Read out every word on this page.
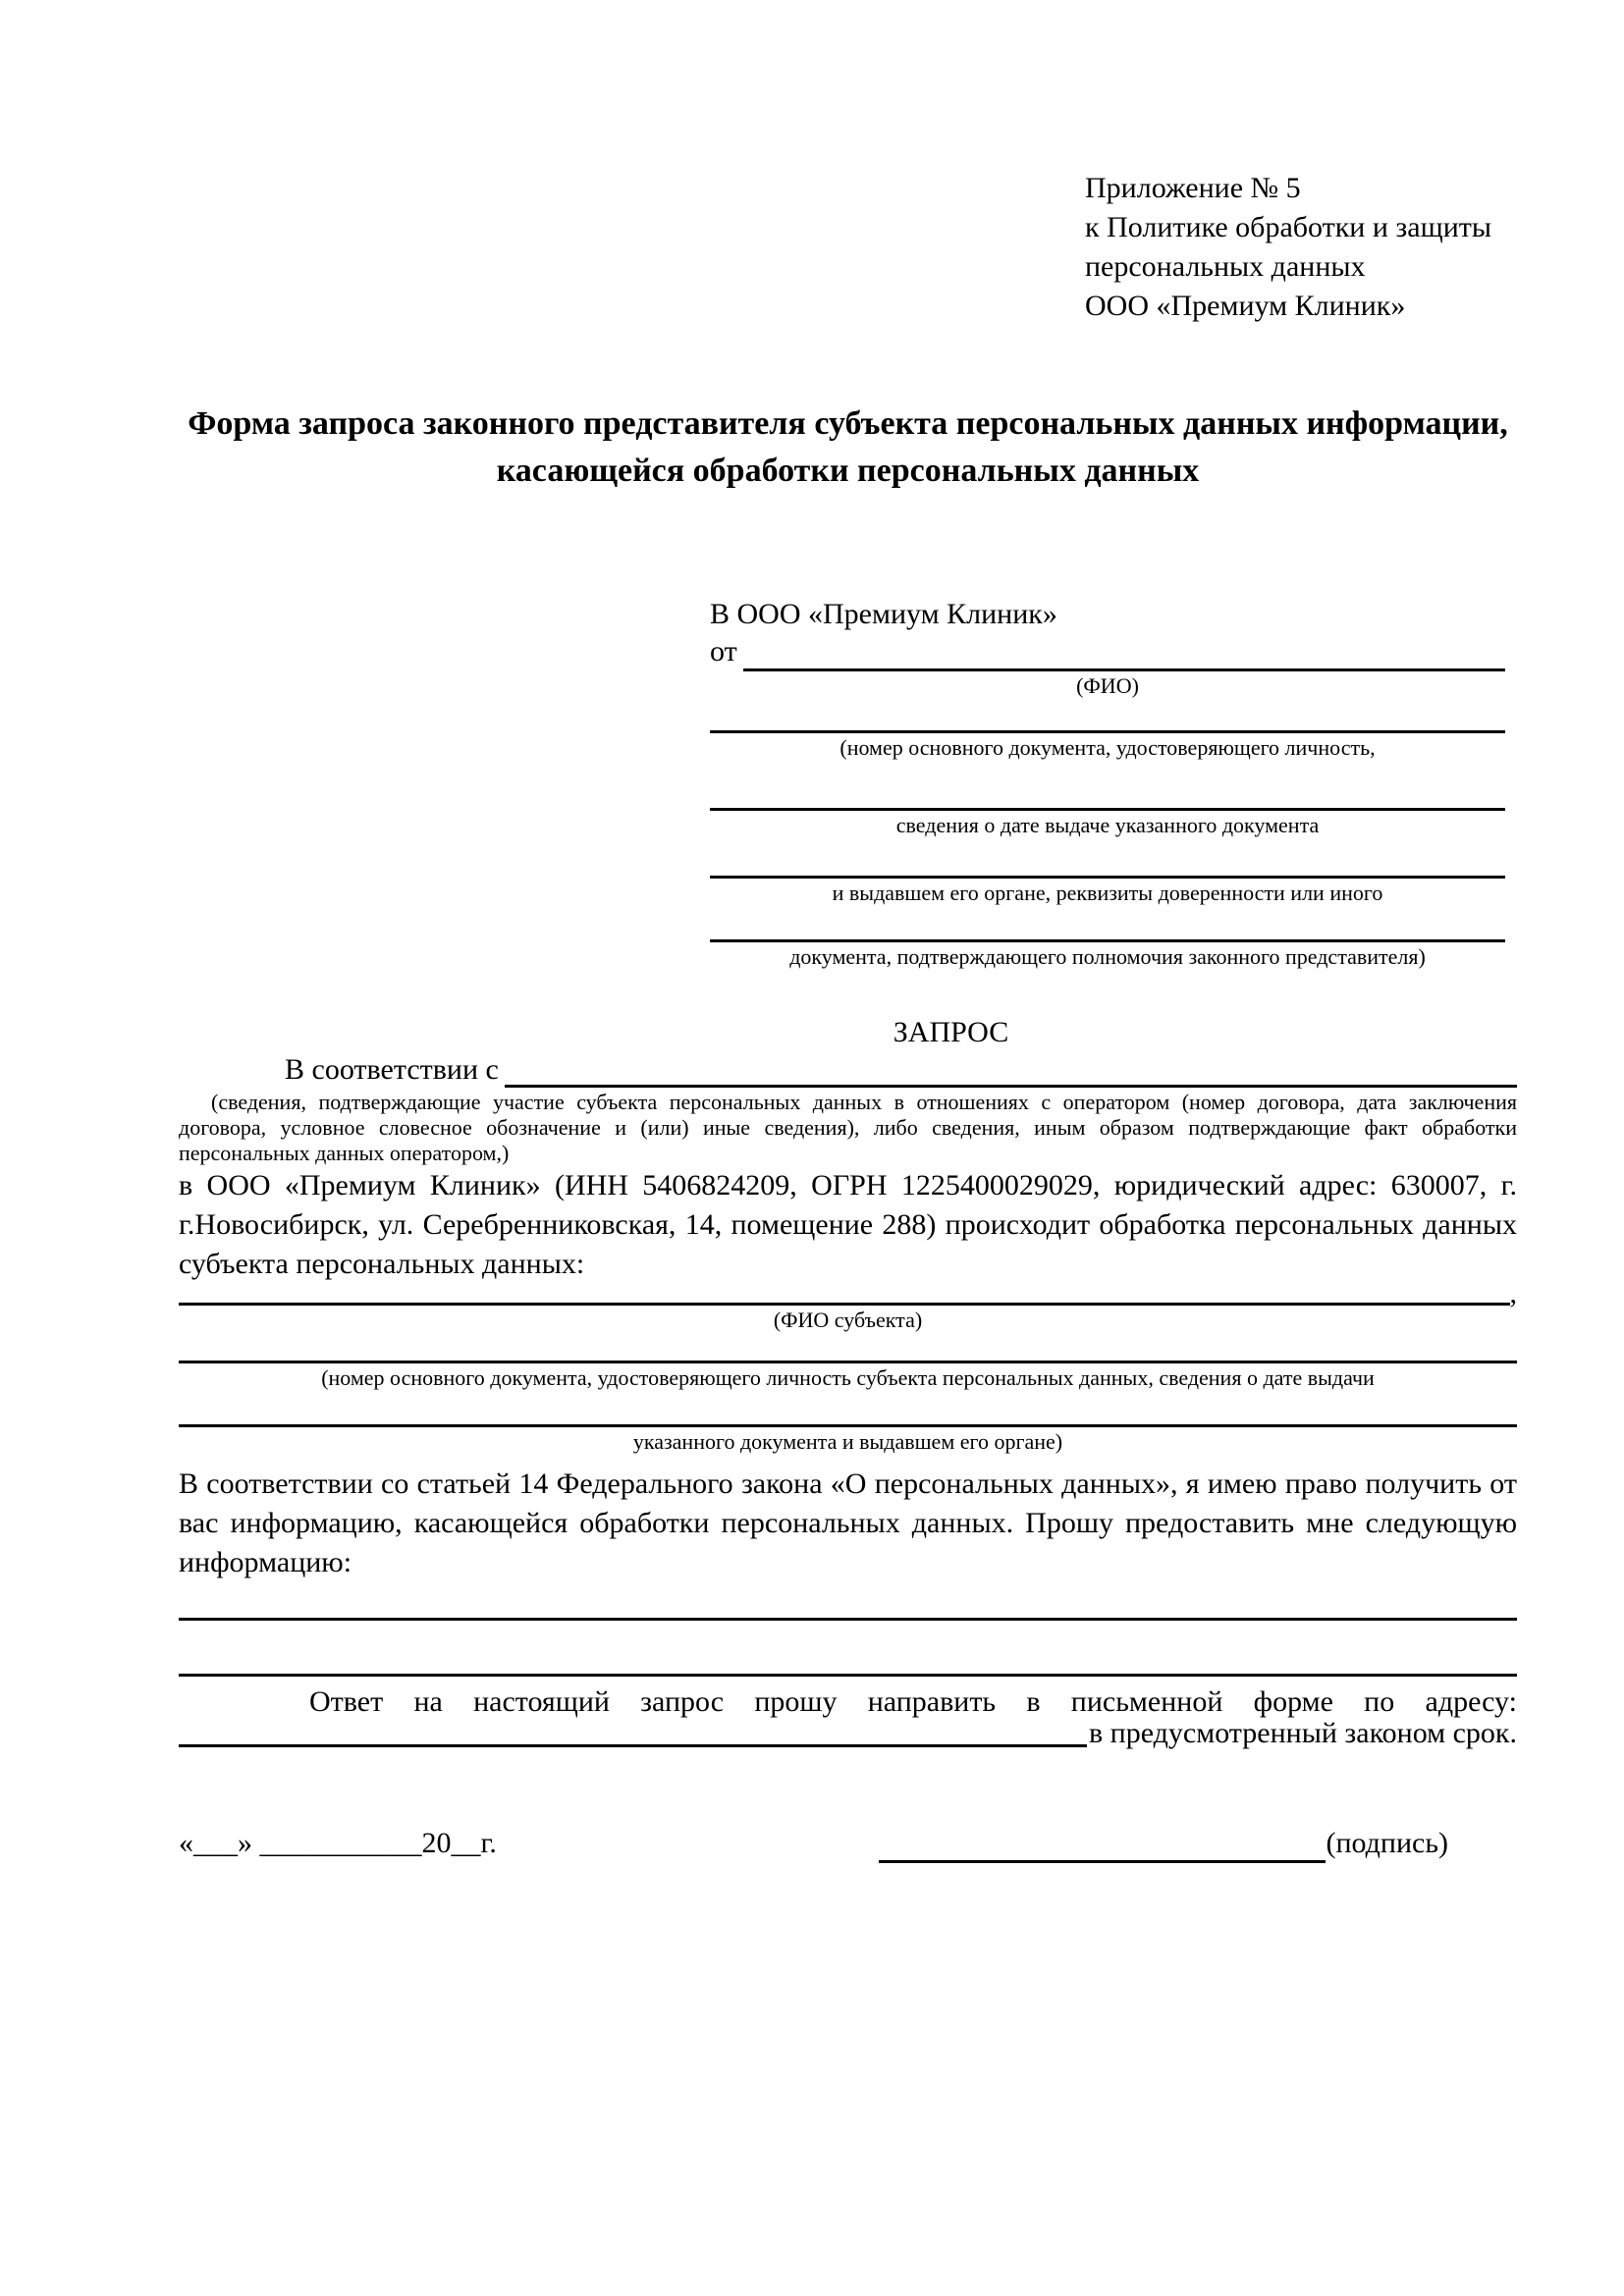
Приложение № 5
к Политике обработки и защиты
персональных данных
ООО «Премиум Клиник»
Форма запроса законного представителя субъекта персональных данных информации, касающейся обработки персональных данных
В ООО «Премиум Клиник»
от
(ФИО)
(номер основного документа, удостоверяющего личность,
сведения о дате выдаче указанного документа
и выдавшем его органе, реквизиты доверенности или иного
документа, подтверждающего полномочия законного представителя)
ЗАПРОС
В соответствии с
(сведения, подтверждающие участие субъекта персональных данных в отношениях с оператором (номер договора, дата заключения договора, условное словесное обозначение и (или) иные сведения), либо сведения, иным образом подтверждающие факт обработки персональных данных оператором,)

в ООО «Премиум Клиник» (ИНН 5406824209, ОГРН 1225400029029, юридический адрес: 630007, г. г.Новосибирск, ул. Серебренниковская, 14, помещение 288) происходит обработка персональных данных субъекта персональных данных:

,
(ФИО субъекта)
(номер основного документа, удостоверяющего личность субъекта персональных данных, сведения о дате выдачи
указанного документа и выдавшем его органе)

В соответствии со статьей 14 Федерального закона «О персональных данных», я имею право получить от вас информацию, касающейся обработки персональных данных. Прошу предоставить мне следующую информацию:

Ответ на настоящий запрос прошу направить в письменной форме по адресу:
в предусмотренный законом срок.
«___» ___________20__г.	(подпись)
